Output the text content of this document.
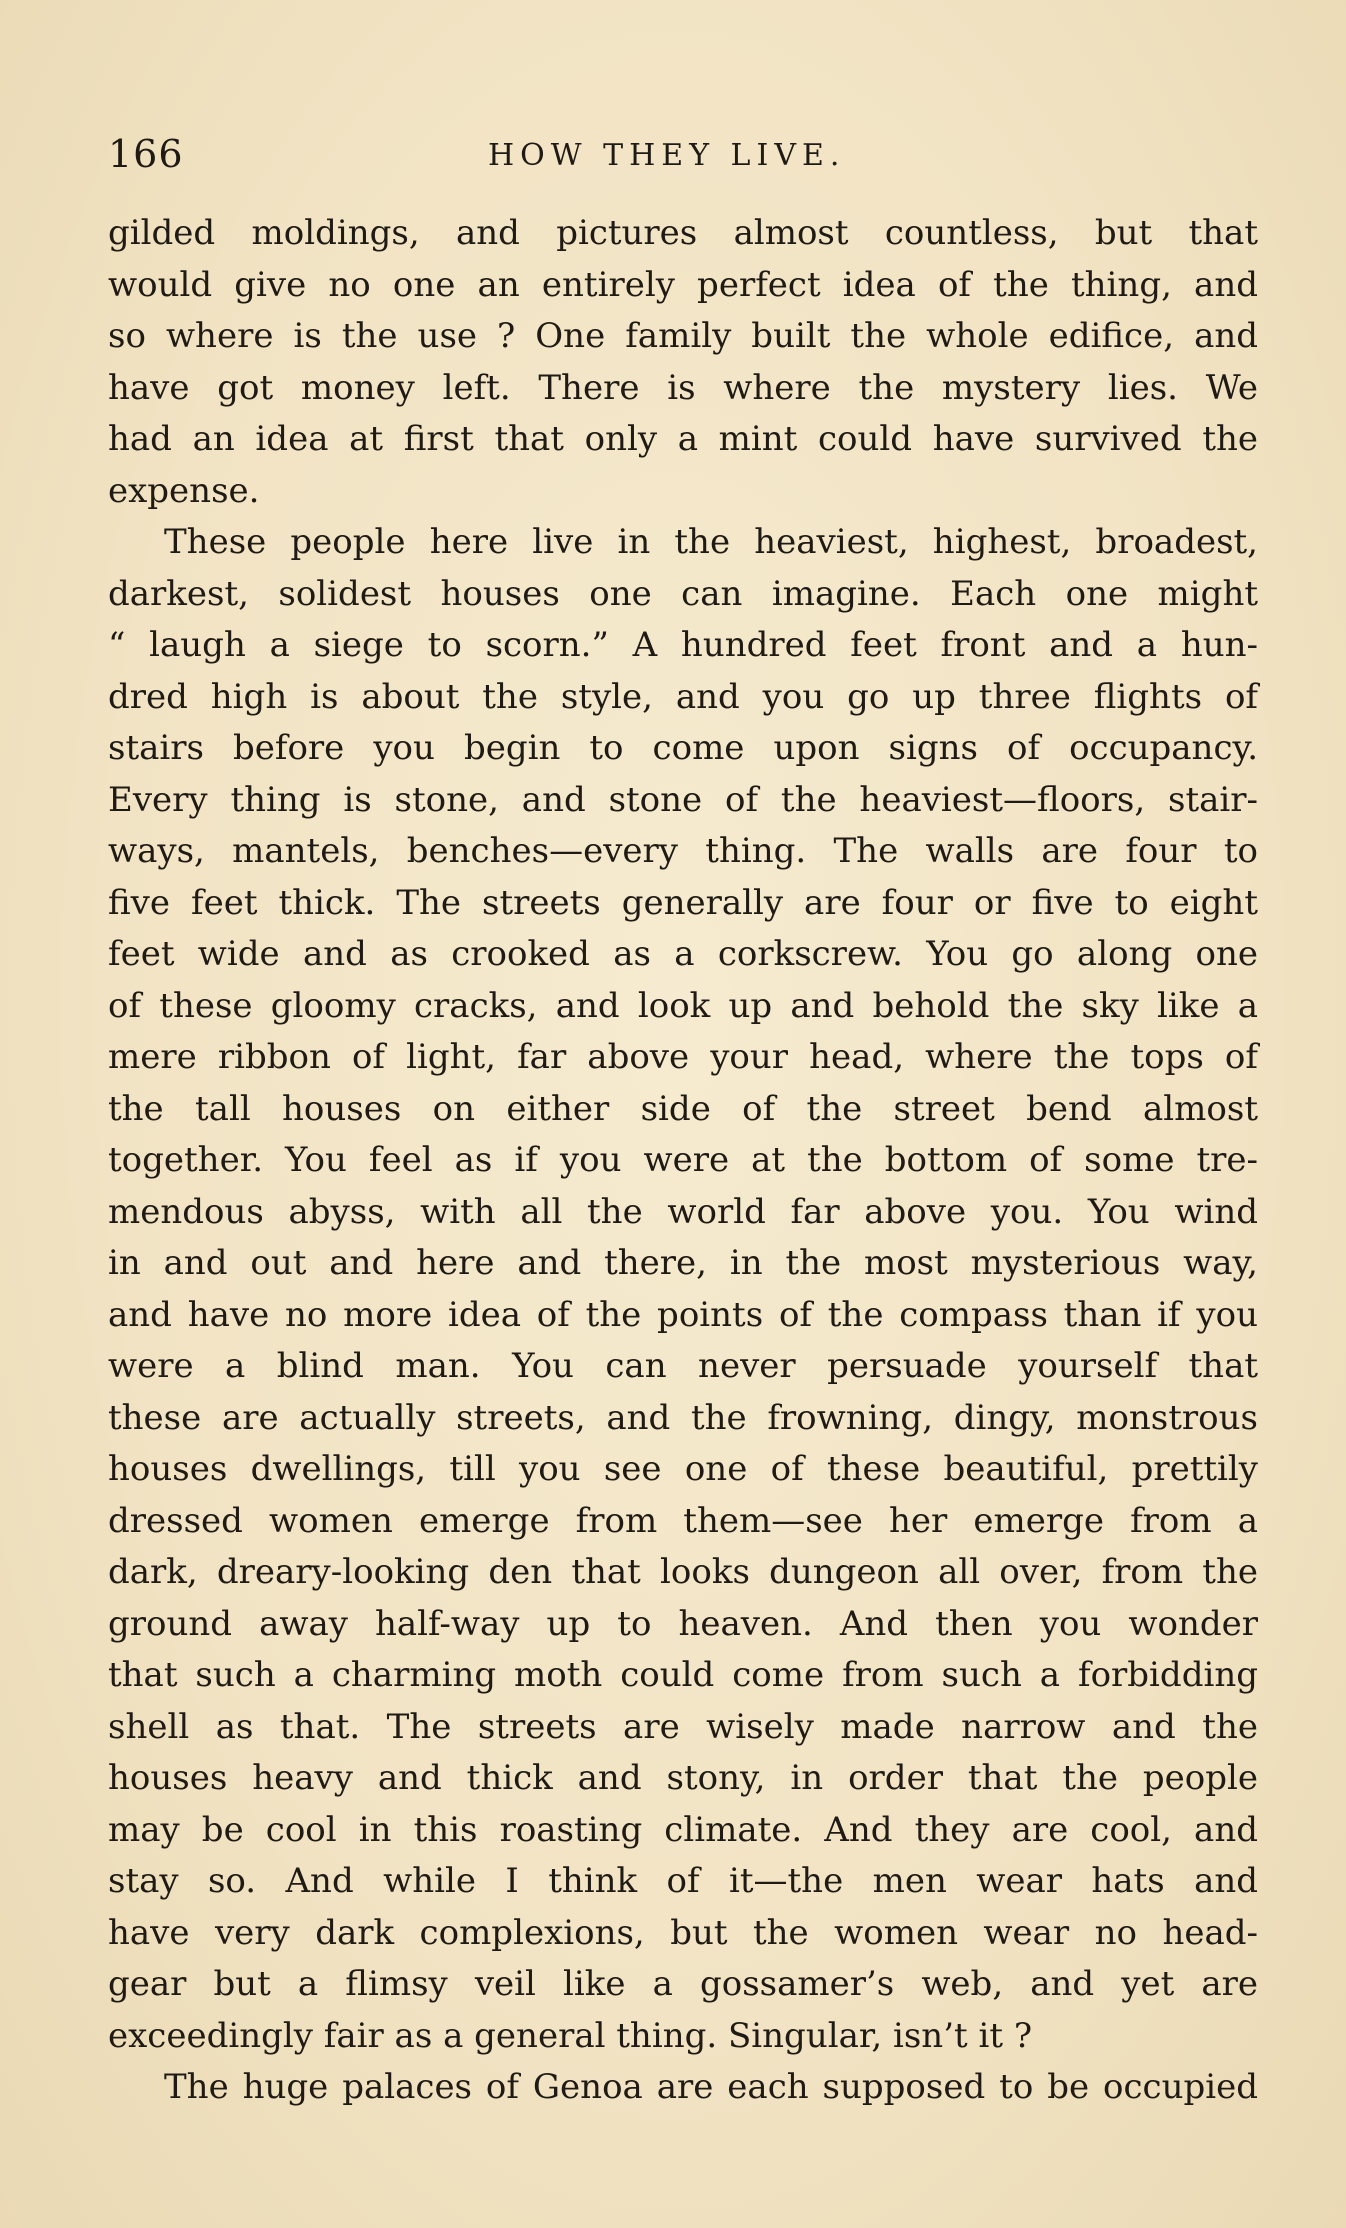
166	HOW THEY LIVE.
gilded moldings, and pictures almost countless, but that
would give no one an entirely perfect idea of the thing, and
so where is the use ? One family built the whole edifice, and
have got money left. There is where the mystery lies. We
had an idea at first that only a mint could have survived the
expense.
These people here live in the heaviest, highest, broadest,
darkest, solidest houses one can imagine. Each one might
“ laugh a siege to scorn.” A hundred feet front and a hun-
dred high is about the style, and you go up three flights of
stairs before you begin to come upon signs of occupancy.
Every thing is stone, and stone of the heaviest—floors, stair-
ways, mantels, benches—every thing. The walls are four to
five feet thick. The streets generally are four or five to eight
feet wide and as crooked as a corkscrew. You go along one
of these gloomy cracks, and look up and behold the sky like a
mere ribbon of light, far above your head, where the tops of
the tall houses on either side of the street bend almost
together. You feel as if you were at the bottom of some tre-
mendous abyss, with all the world far above you. You wind
in and out and here and there, in the most mysterious way,
and have no more idea of the points of the compass than if you
were a blind man. You can never persuade yourself that
these are actually streets, and the frowning, dingy, monstrous
houses dwellings, till you see one of these beautiful, prettily
dressed women emerge from them—see her emerge from a
dark, dreary-looking den that looks dungeon all over, from the
ground away half-way up to heaven. And then you wonder
that such a charming moth could come from such a forbidding
shell as that. The streets are wisely made narrow and the
houses heavy and thick and stony, in order that the people
may be cool in this roasting climate. And they are cool, and
stay so. And while I think of it—the men wear hats and
have very dark complexions, but the women wear no head-
gear but a flimsy veil like a gossamer’s web, and yet are
exceedingly fair as a general thing. Singular, isn’t it ?
The huge palaces of Genoa are each supposed to be occupied
